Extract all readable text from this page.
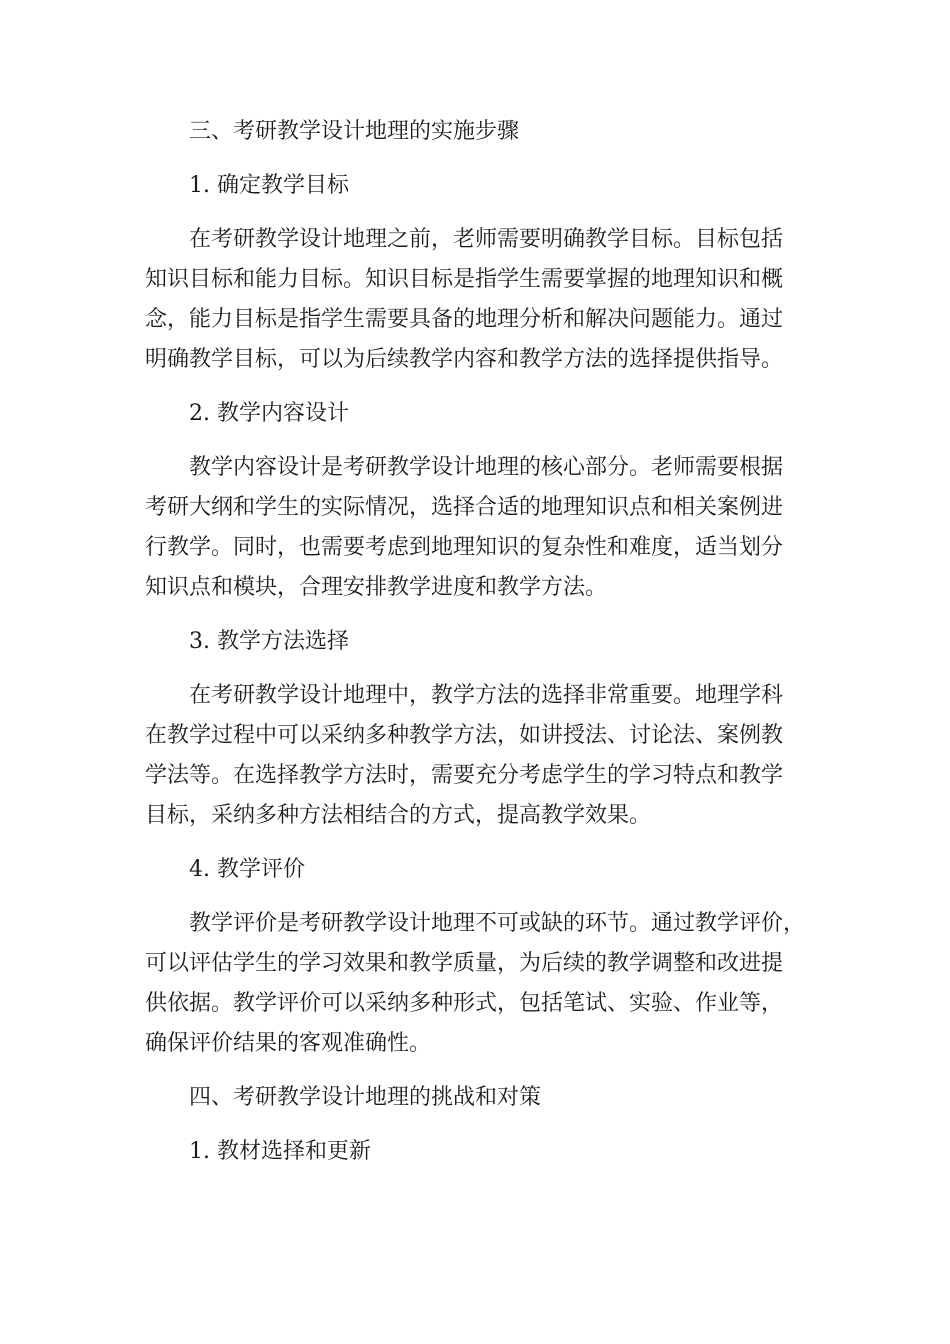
三、考研教学设计地理的实施步骤
1. 确定教学目标
在考研教学设计地理之前，老师需要明确教学目标。目标包括
知识目标和能力目标。知识目标是指学生需要掌握的地理知识和概
念，能力目标是指学生需要具备的地理分析和解决问题能力。通过
明确教学目标，可以为后续教学内容和教学方法的选择提供指导。
2. 教学内容设计
教学内容设计是考研教学设计地理的核心部分。老师需要根据
考研大纲和学生的实际情况，选择合适的地理知识点和相关案例进
行教学。同时，也需要考虑到地理知识的复杂性和难度，适当划分
知识点和模块，合理安排教学进度和教学方法。
3. 教学方法选择
在考研教学设计地理中，教学方法的选择非常重要。地理学科
在教学过程中可以采纳多种教学方法，如讲授法、讨论法、案例教
学法等。在选择教学方法时，需要充分考虑学生的学习特点和教学
目标，采纳多种方法相结合的方式，提高教学效果。
4. 教学评价
教学评价是考研教学设计地理不可或缺的环节。通过教学评价，
可以评估学生的学习效果和教学质量，为后续的教学调整和改进提
供依据。教学评价可以采纳多种形式，包括笔试、实验、作业等，
确保评价结果的客观准确性。
四、考研教学设计地理的挑战和对策
1. 教材选择和更新
